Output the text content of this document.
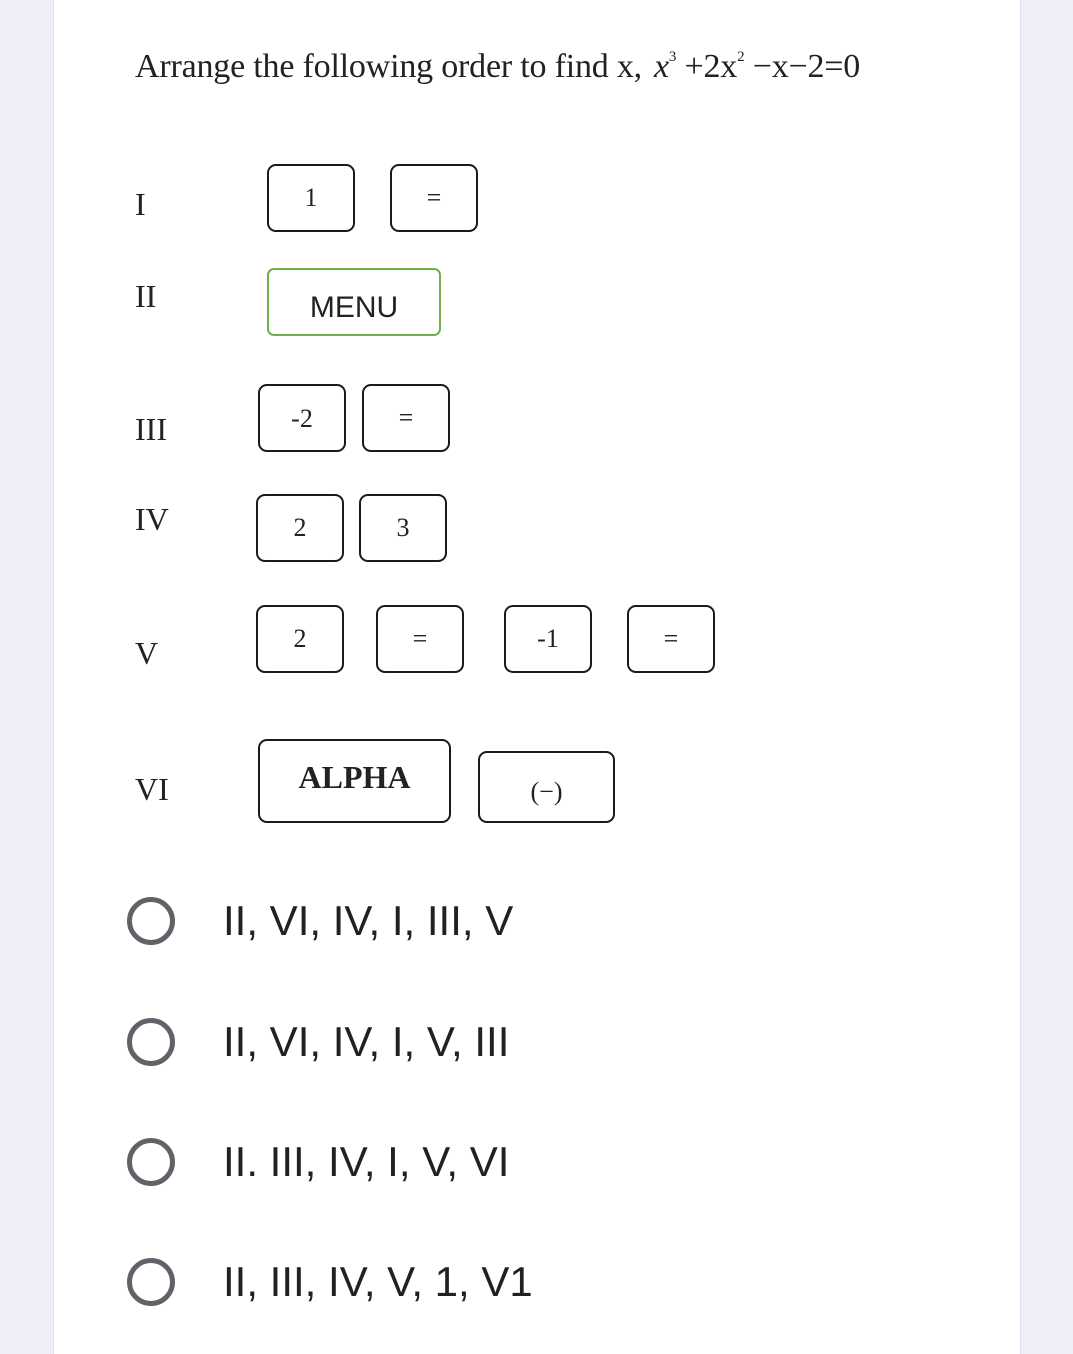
Arrange the following order to find x, $x^3 +2x^2 -x-2=0$
I	1	=
II	MENU
III	-2	=
IV	2	3
V	2	=	-1	=
VI	ALPHA	(−)
II, VI, IV, I, III, V
II, VI, IV, I, V, III
II. III, IV, I, V, VI
II, III, IV, V, 1, V1
